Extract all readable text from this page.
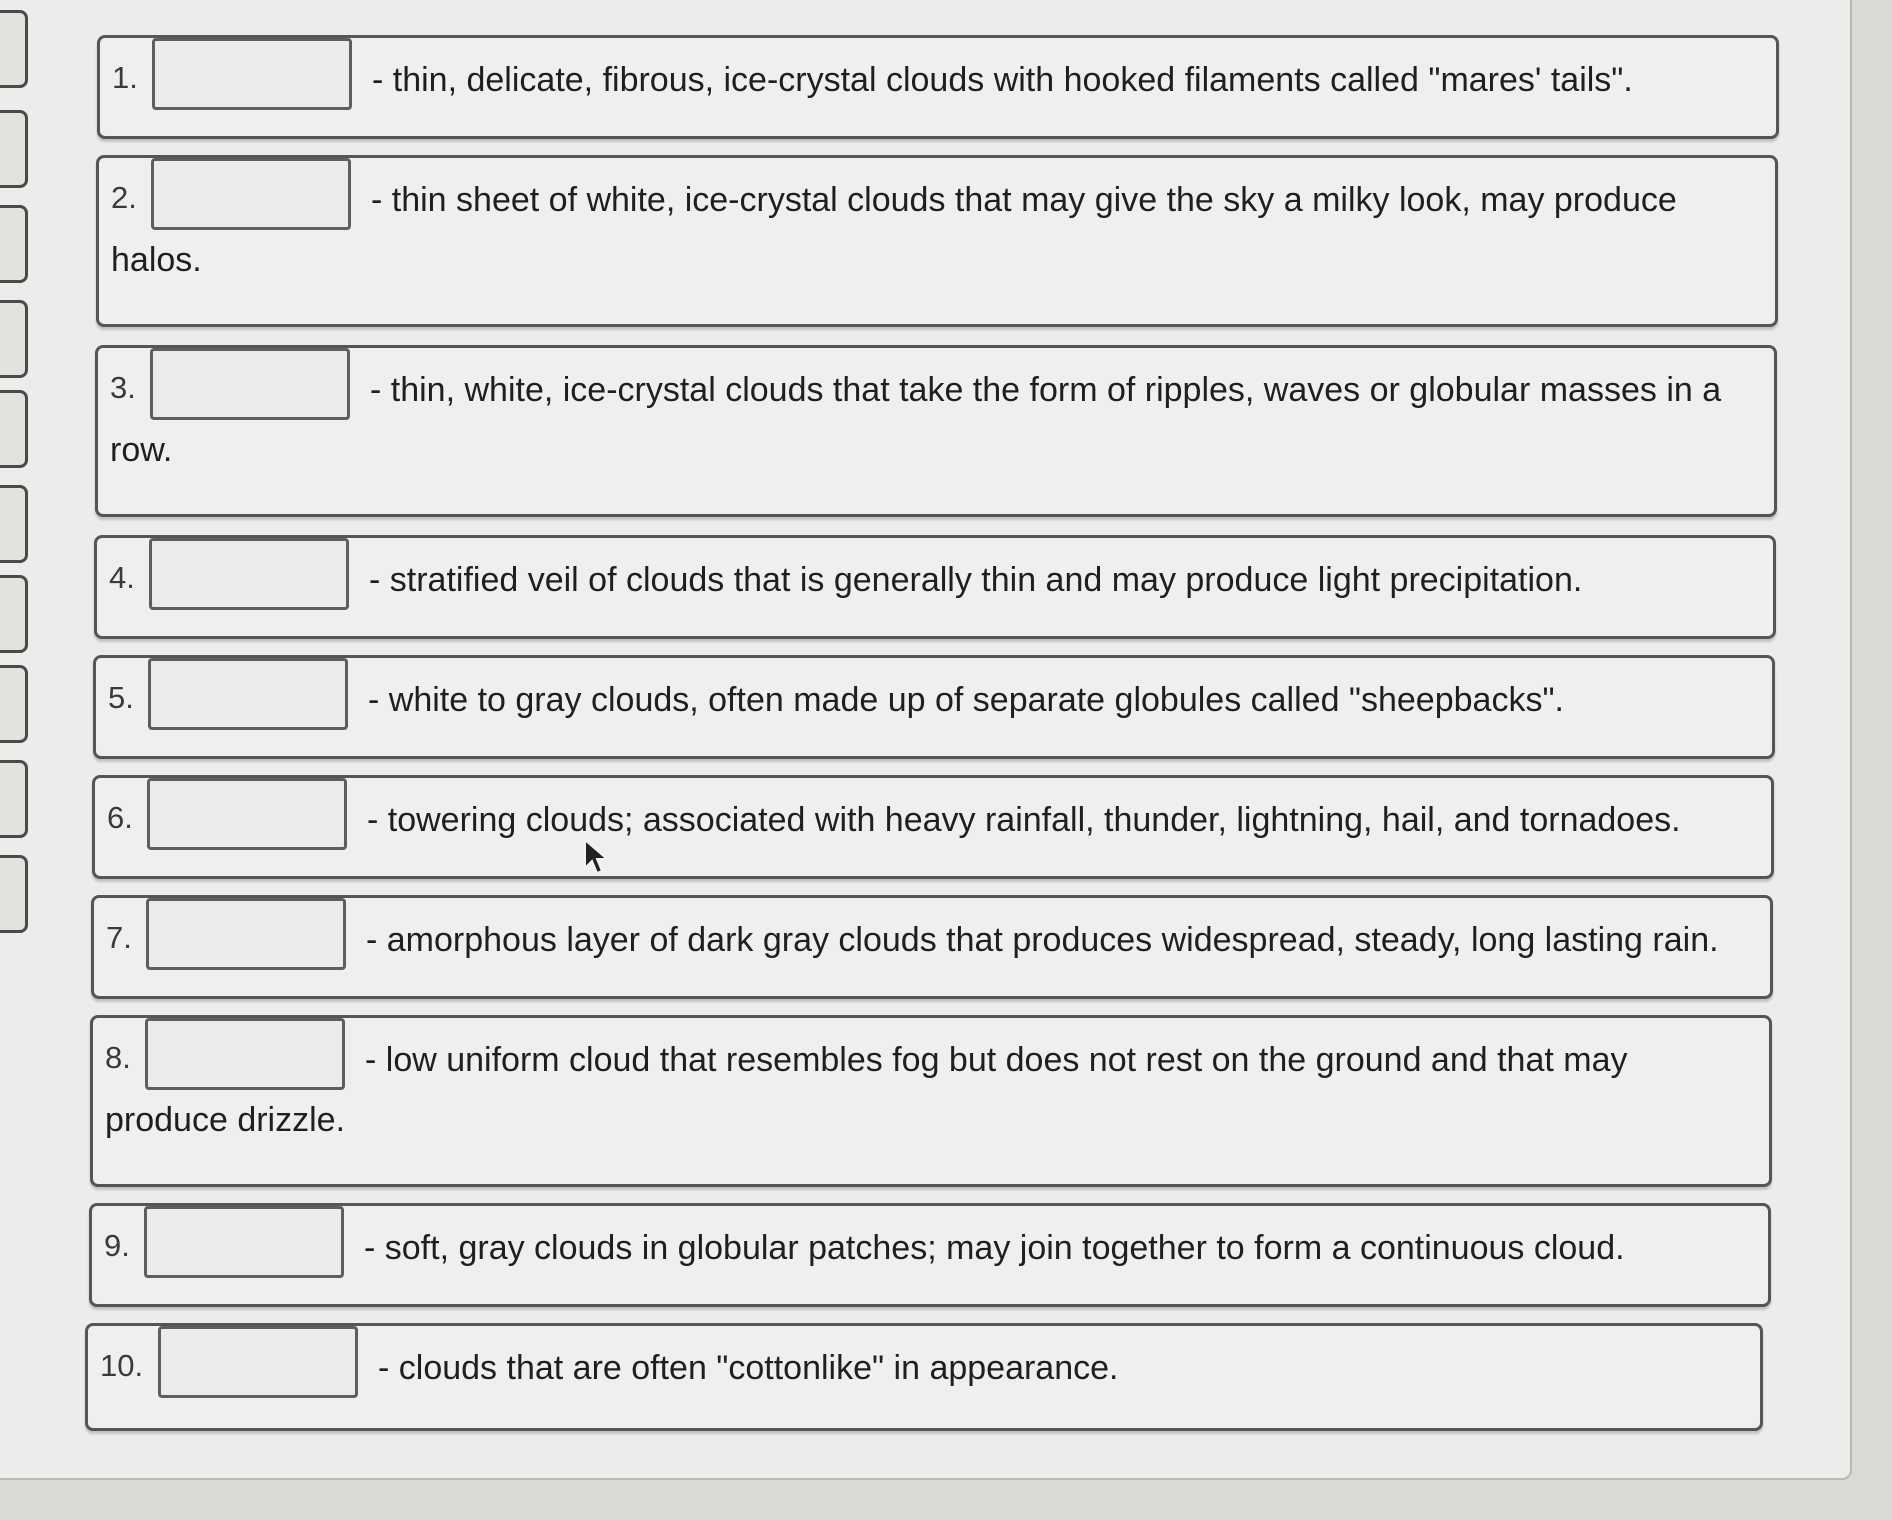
1.	- thin, delicate, fibrous, ice-crystal clouds with hooked filaments called "mares' tails".
2.	- thin sheet of white, ice-crystal clouds that may give the sky a milky look, may produce
halos.
3.	- thin, white, ice-crystal clouds that take the form of ripples, waves or globular masses in a
row.
4.	- stratified veil of clouds that is generally thin and may produce light precipitation.
5.	- white to gray clouds, often made up of separate globules called "sheepbacks".
6.	- towering clouds; associated with heavy rainfall, thunder, lightning, hail, and tornadoes.
7.	- amorphous layer of dark gray clouds that produces widespread, steady, long lasting rain.
8.	- low uniform cloud that resembles fog but does not rest on the ground and that may
produce drizzle.
9.	- soft, gray clouds in globular patches; may join together to form a continuous cloud.
10.	- clouds that are often "cottonlike" in appearance.
